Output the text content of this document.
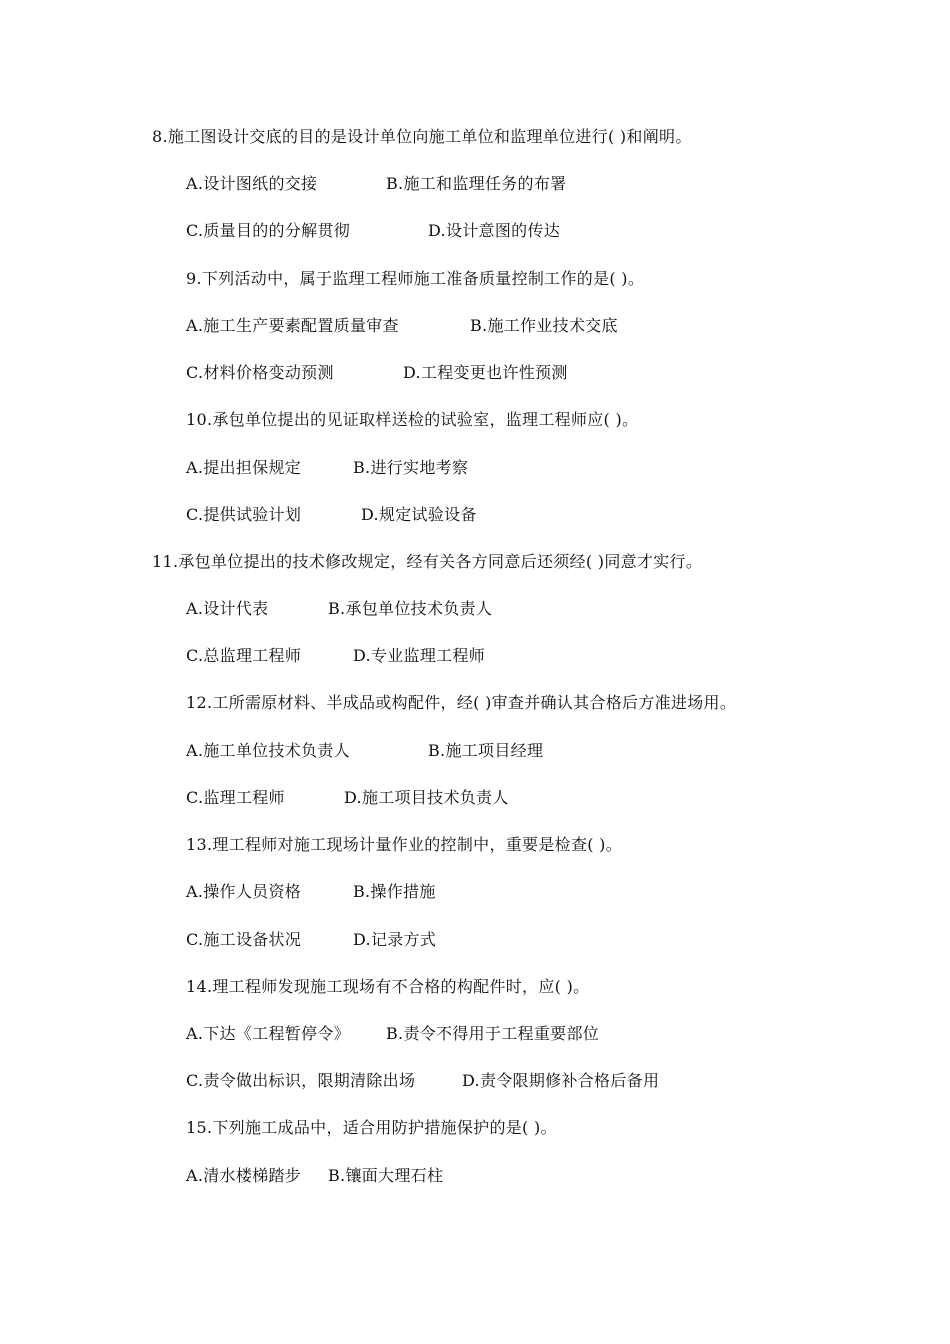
8.施工图设计交底的目的是设计单位向施工单位和监理单位进行( )和阐明。
A.设计图纸的交接	B.施工和监理任务的布署
C.质量目的的分解贯彻	D.设计意图的传达
9.下列活动中，属于监理工程师施工准备质量控制工作的是( )。
A.施工生产要素配置质量审查	B.施工作业技术交底
C.材料价格变动预测	D.工程变更也许性预测
10.承包单位提出的见证取样送检的试验室，监理工程师应( )。
A.提出担保规定	B.进行实地考察
C.提供试验计划	D.规定试验设备
11.承包单位提出的技术修改规定，经有关各方同意后还须经( )同意才实行。
A.设计代表	B.承包单位技术负责人
C.总监理工程师	D.专业监理工程师
12.工所需原材料、半成品或构配件，经( )审查并确认其合格后方准进场用。
A.施工单位技术负责人	B.施工项目经理
C.监理工程师	D.施工项目技术负责人
13.理工程师对施工现场计量作业的控制中，重要是检查( )。
A.操作人员资格	B.操作措施
C.施工设备状况	D.记录方式
14.理工程师发现施工现场有不合格的构配件时，应( )。
A.下达《工程暂停令》 B.责令不得用于工程重要部位
C.责令做出标识，限期清除出场	D.责令限期修补合格后备用
15.下列施工成品中，适合用防护措施保护的是( )。
A.清水楼梯踏步 B.镶面大理石柱
